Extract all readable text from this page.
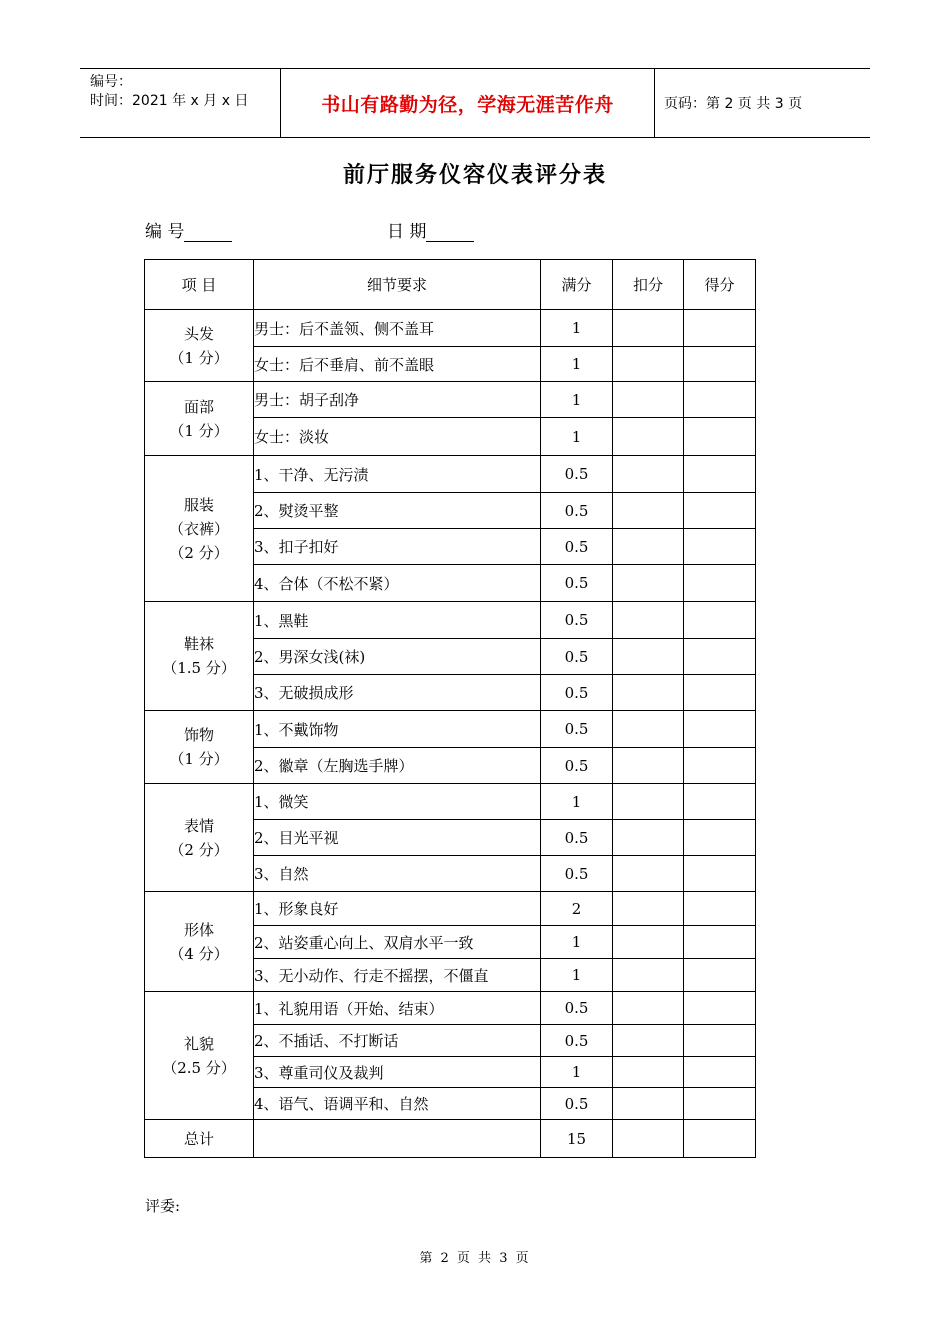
编号：
时间：2021 年 x 月 x 日	书山有路勤为径，学海无涯苦作舟	页码：第 2 页 共 3 页
前厅服务仪容仪表评分表
编 号	日 期
项 目	细节要求	满分	扣分	得分

头发
（1 分）	男士：后不盖领、侧不盖耳	1		
	女士：后不垂肩、前不盖眼	1		

面部
（1 分）	男士：胡子刮净	1		
	女士：淡妆	1		

服装
（衣裤）
（2 分）	1、干净、无污渍	0.5		
	2、熨烫平整	0.5		
	3、扣子扣好	0.5		
	4、合体（不松不紧）	0.5		

鞋袜
（1.5 分）	1、黑鞋	0.5		
	2、男深女浅(袜)	0.5		
	3、无破损成形	0.5		

饰物
（1 分）	1、不戴饰物	0.5		
	2、徽章（左胸选手牌）	0.5		

表情
（2 分）	1、微笑	1		
	2、目光平视	0.5		
	3、自然	0.5		

形体
（4 分）	1、形象良好	2		
	2、站姿重心向上、双肩水平一致	1		
	3、无小动作、行走不摇摆，不僵直	1		

礼貌
（2.5 分）	1、礼貌用语（开始、结束）	0.5		
	2、不插话、不打断话	0.5		
	3、尊重司仪及裁判	1		
	4、语气、语调平和、自然	0.5		
总计		15		
评委:
第 2 页 共 3 页
